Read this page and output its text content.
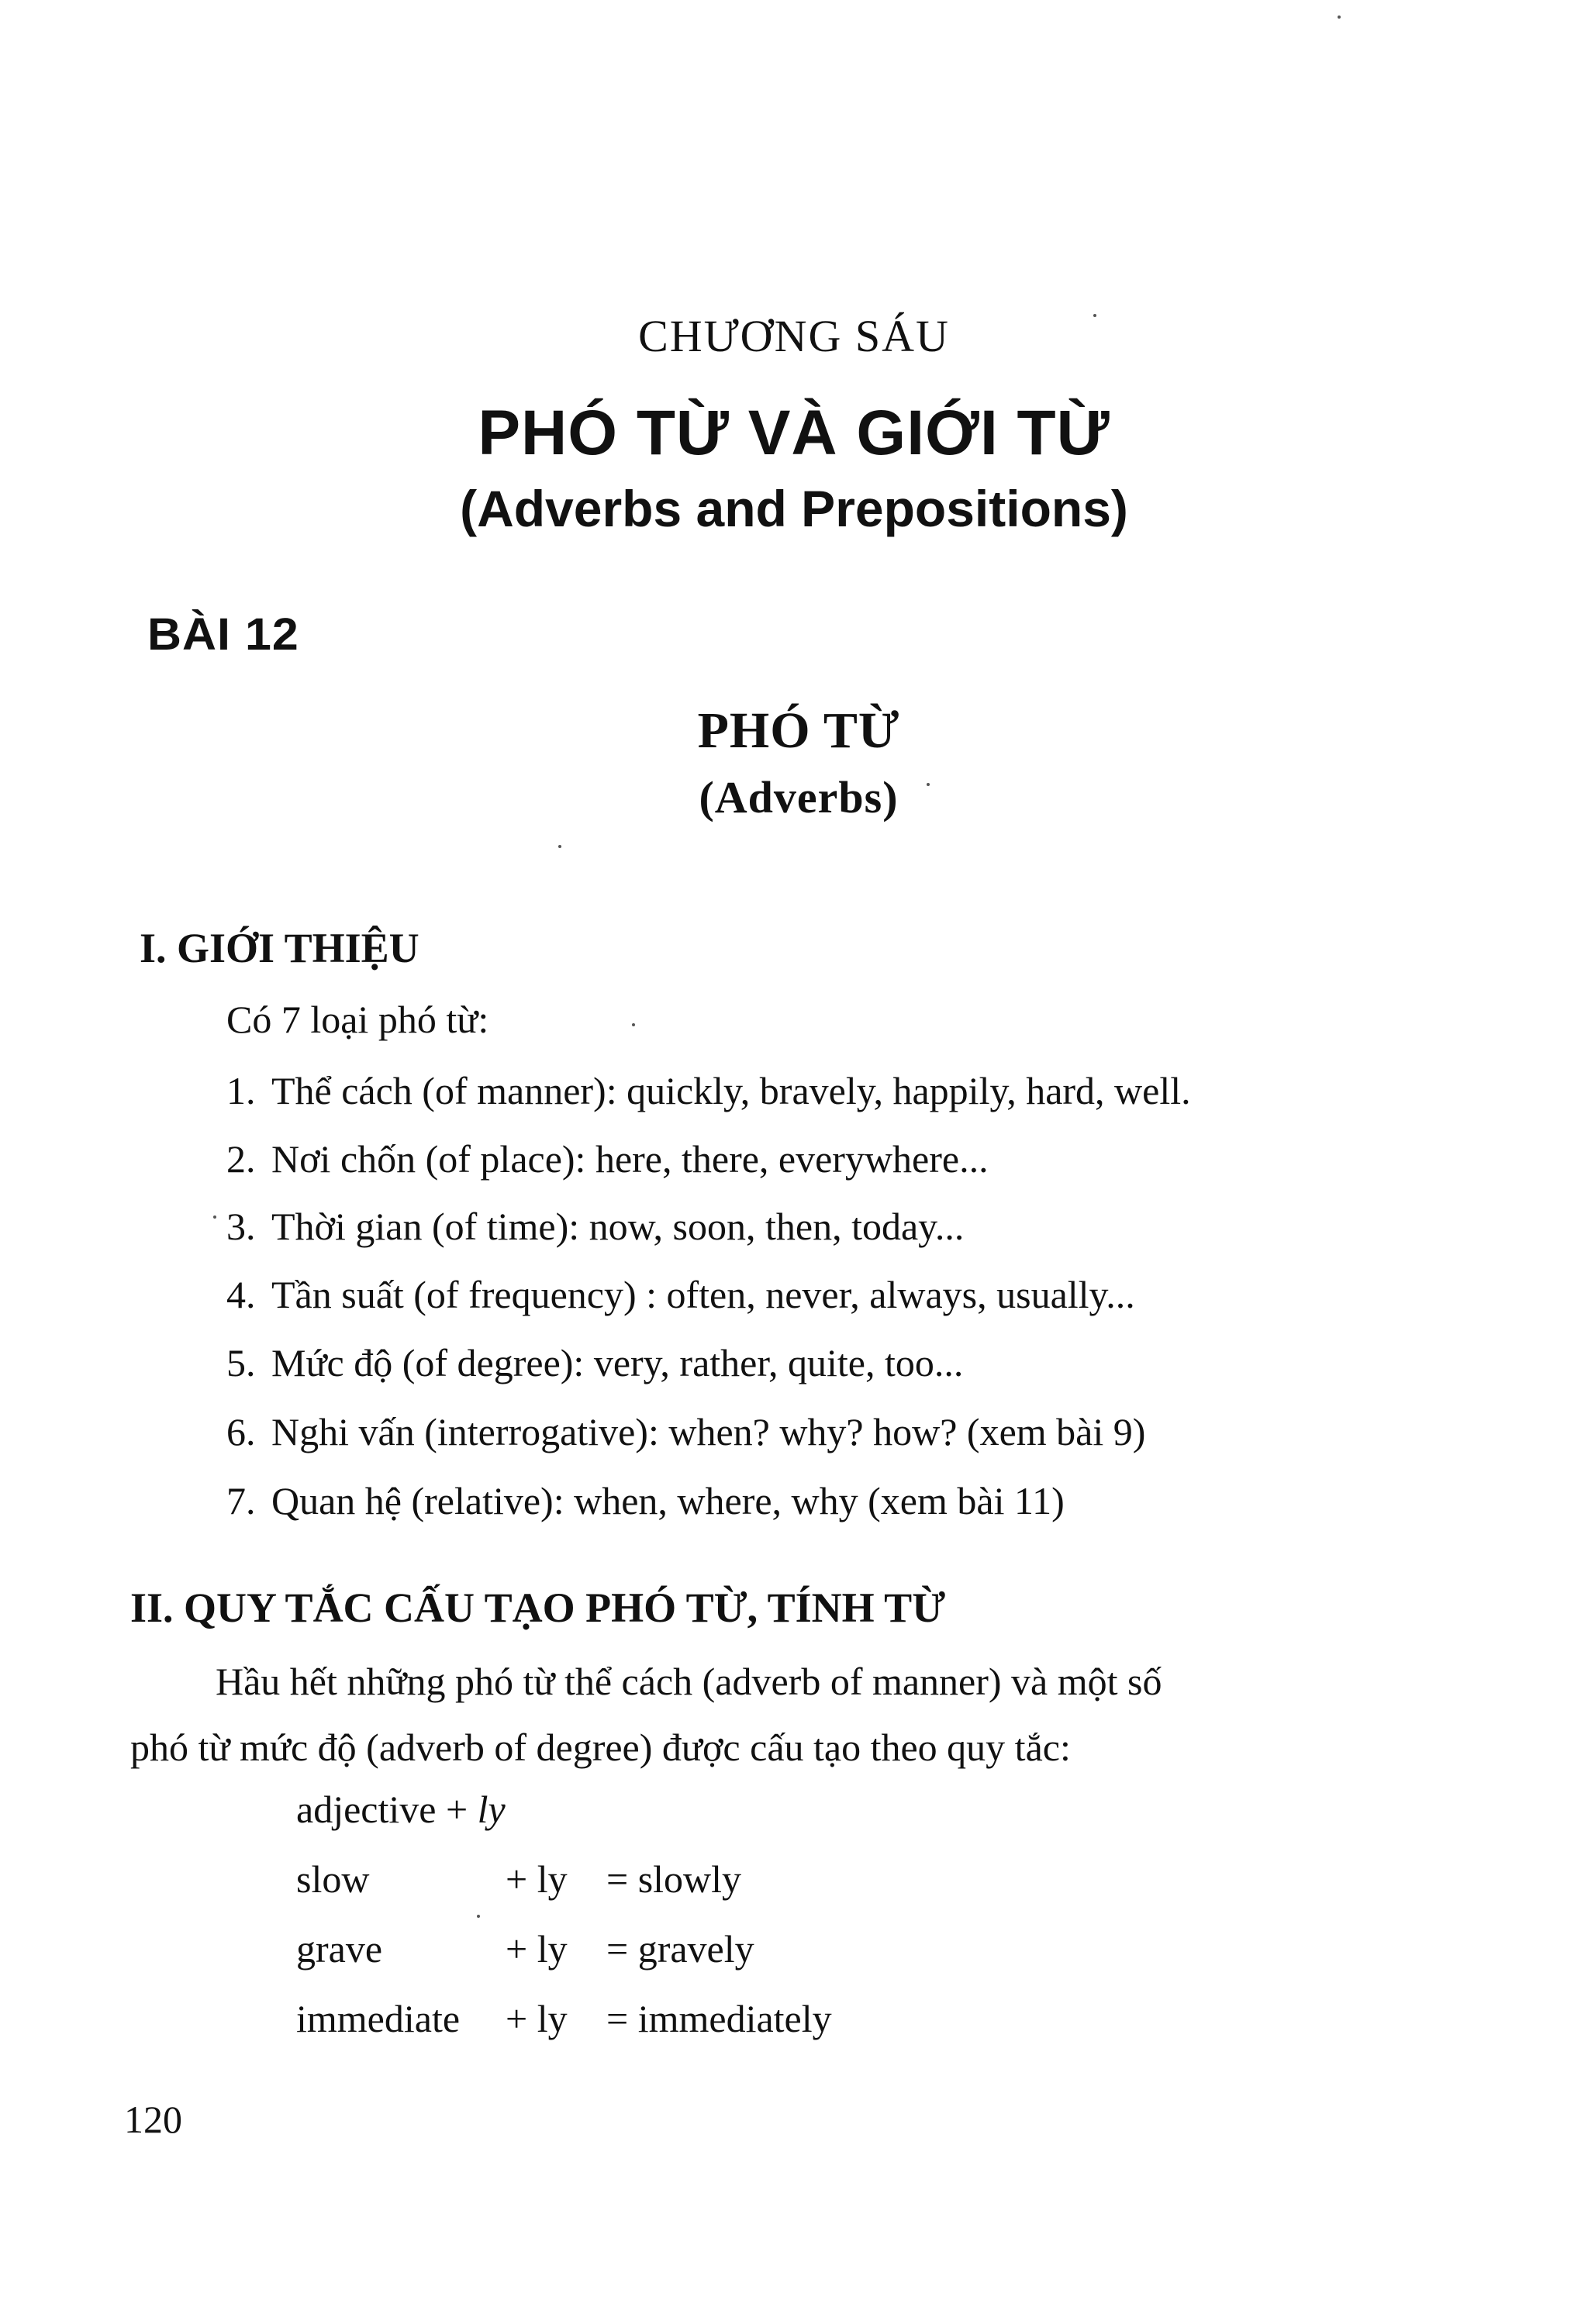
CHƯƠNG SÁU
PHÓ TỪ VÀ GIỚI TỪ
(Adverbs and Prepositions)
BÀI 12
PHÓ TỪ
(Adverbs)
I. GIỚI THIỆU
Có 7 loại phó từ:
1. Thể cách (of manner): quickly, bravely, happily, hard, well.
2. Nơi chốn (of place): here, there, everywhere...
3. Thời gian (of time): now, soon, then, today...
4. Tần suất (of frequency) : often, never, always, usually...
5. Mức độ (of degree): very, rather, quite, too...
6. Nghi vấn (interrogative): when? why? how? (xem bài 9)
7. Quan hệ (relative): when, where, why (xem bài 11)
II. QUY TẮC CẤU TẠO PHÓ TỪ, TÍNH TỪ
Hầu hết những phó từ thể cách (adverb of manner) và một số
phó từ mức độ (adverb of degree) được cấu tạo theo quy tắc:
adjective + ly
slow	+ ly = slowly
grave	+ ly = gravely
immediate + ly = immediately
120
